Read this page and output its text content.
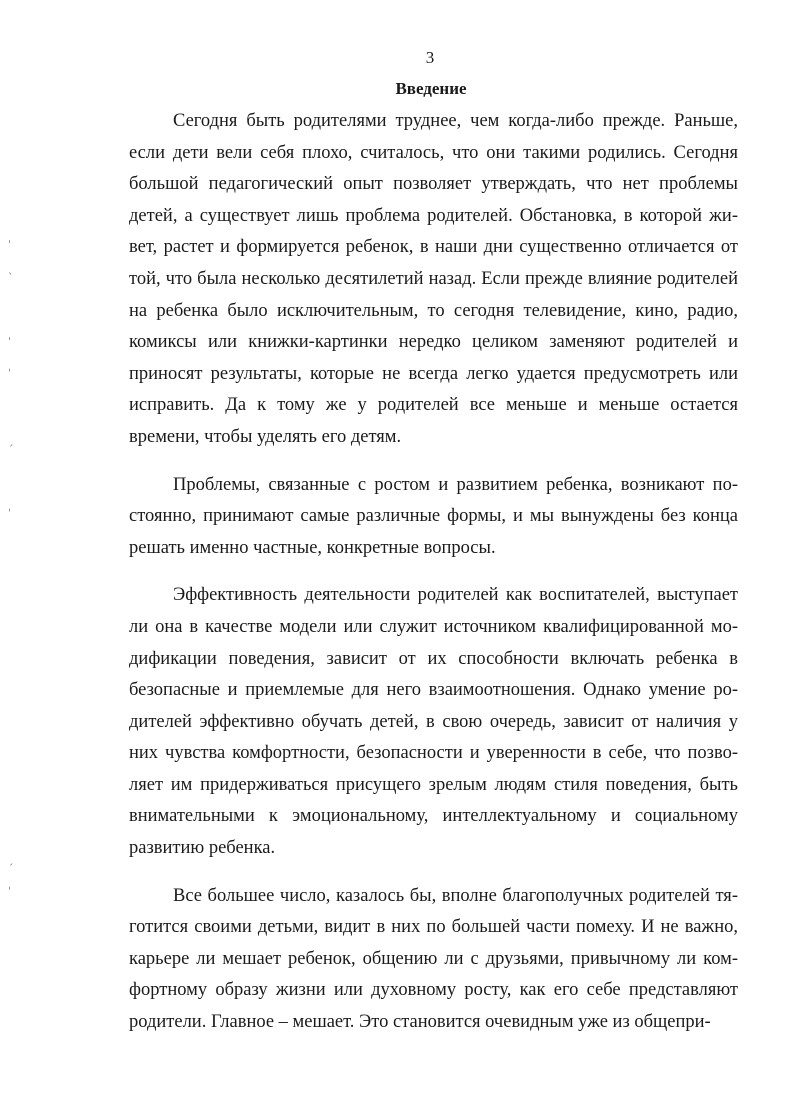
3
Введение

Сегодня быть родителями труднее, чем когда-либо прежде. Раньше, если дети вели себя плохо, считалось, что они такими родились. Сегодня большой педагогический опыт позволяет утверждать, что нет проблемы детей, а существует лишь проблема родителей. Обстановка, в которой живет, растет и формируется ребенок, в наши дни существенно отличается от той, что была несколько десятилетий назад. Если прежде влияние родителей на ребенка было исключительным, то сегодня телевидение, кино, радио, комиксы или книжки-картинки нередко целиком заменяют родителей и приносят результаты, которые не всегда легко удается предусмотреть или исправить. Да к тому же у родителей все меньше и меньше остается времени, чтобы уделять его детям.

Проблемы, связанные с ростом и развитием ребенка, возникают постоянно, принимают самые различные формы, и мы вынуждены без конца решать именно частные, конкретные вопросы.

Эффективность деятельности родителей как воспитателей, выступает ли она в качестве модели или служит источником квалифицированной модификации поведения, зависит от их способности включать ребенка в безопасные и приемлемые для него взаимоотношения. Однако умение родителей эффективно обучать детей, в свою очередь, зависит от наличия у них чувства комфортности, безопасности и уверенности в себе, что позволяет им придерживаться присущего зрелым людям стиля поведения, быть внимательными к эмоциональному, интеллектуальному и социальному развитию ребенка.

Все большее число, казалось бы, вполне благополучных родителей тяготится своими детьми, видит в них по большей части помеху. И не важно, карьере ли мешает ребенок, общению ли с друзьями, привычному ли комфортному образу жизни или духовному росту, как его себе представляют родители. Главное – мешает. Это становится очевидным уже из общепри-

ˈ
ˎ
ˈ
ˌ
ˊ
ˌ
ˊ
ˌ
